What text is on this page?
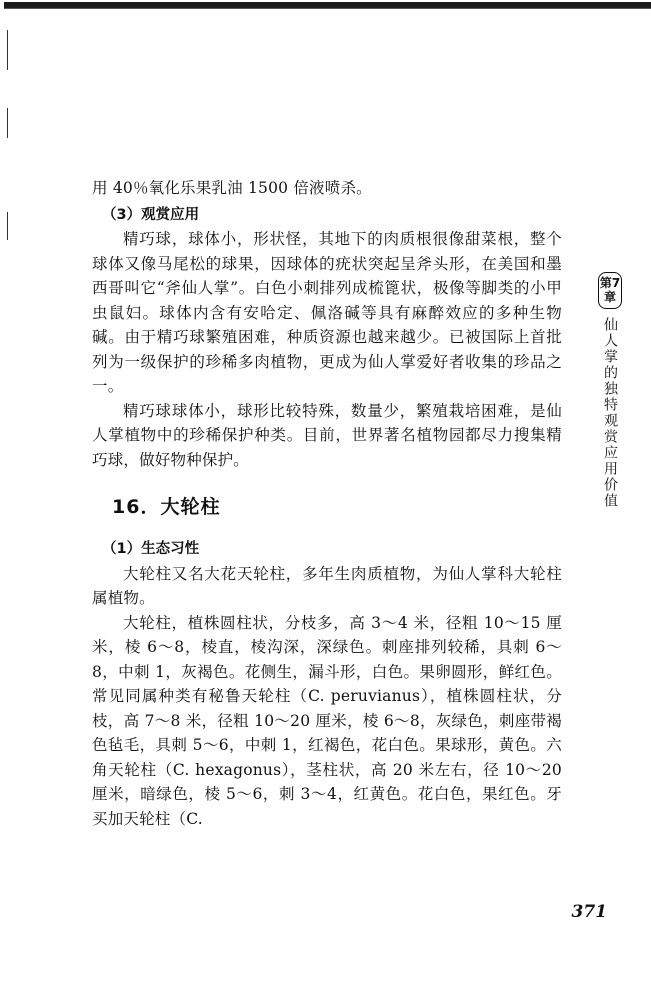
用 40％氧化乐果乳油 1500 倍液喷杀。

（3）观赏应用

精巧球，球体小，形状怪，其地下的肉质根很像甜菜根，整个球体又像马尾松的球果，因球体的疣状突起呈斧头形，在美国和墨西哥叫它“斧仙人掌”。白色小刺排列成梳篦状，极像等脚类的小甲虫鼠妇。球体内含有安哈定、佩洛碱等具有麻醉效应的多种生物碱。由于精巧球繁殖困难，种质资源也越来越少。已被国际上首批列为一级保护的珍稀多肉植物，更成为仙人掌爱好者收集的珍品之一。

精巧球球体小，球形比较特殊，数量少，繁殖栽培困难，是仙人掌植物中的珍稀保护种类。目前，世界著名植物园都尽力搜集精巧球，做好物种保护。

16．大轮柱

（1）生态习性

大轮柱又名大花天轮柱，多年生肉质植物，为仙人掌科大轮柱属植物。

大轮柱，植株圆柱状，分枝多，高 3～4 米，径粗 10～15 厘米，棱 6～8，棱直，棱沟深，深绿色。刺座排列较稀，具刺 6～8，中刺 1，灰褐色。花侧生，漏斗形，白色。果卵圆形，鲜红色。常见同属种类有秘鲁天轮柱（C. peruvianus），植株圆柱状，分枝，高 7～8 米，径粗 10～20 厘米，棱 6～8，灰绿色，刺座带褐色毡毛，具刺 5～6，中刺 1，红褐色，花白色。果球形，黄色。六角天轮柱（C. hexagonus），茎柱状，高 20 米左右，径 10～20 厘米，暗绿色，棱 5～6，刺 3～4，红黄色。花白色，果红色。牙买加天轮柱（C.

第7章
仙人掌的独特观赏应用价值
371
